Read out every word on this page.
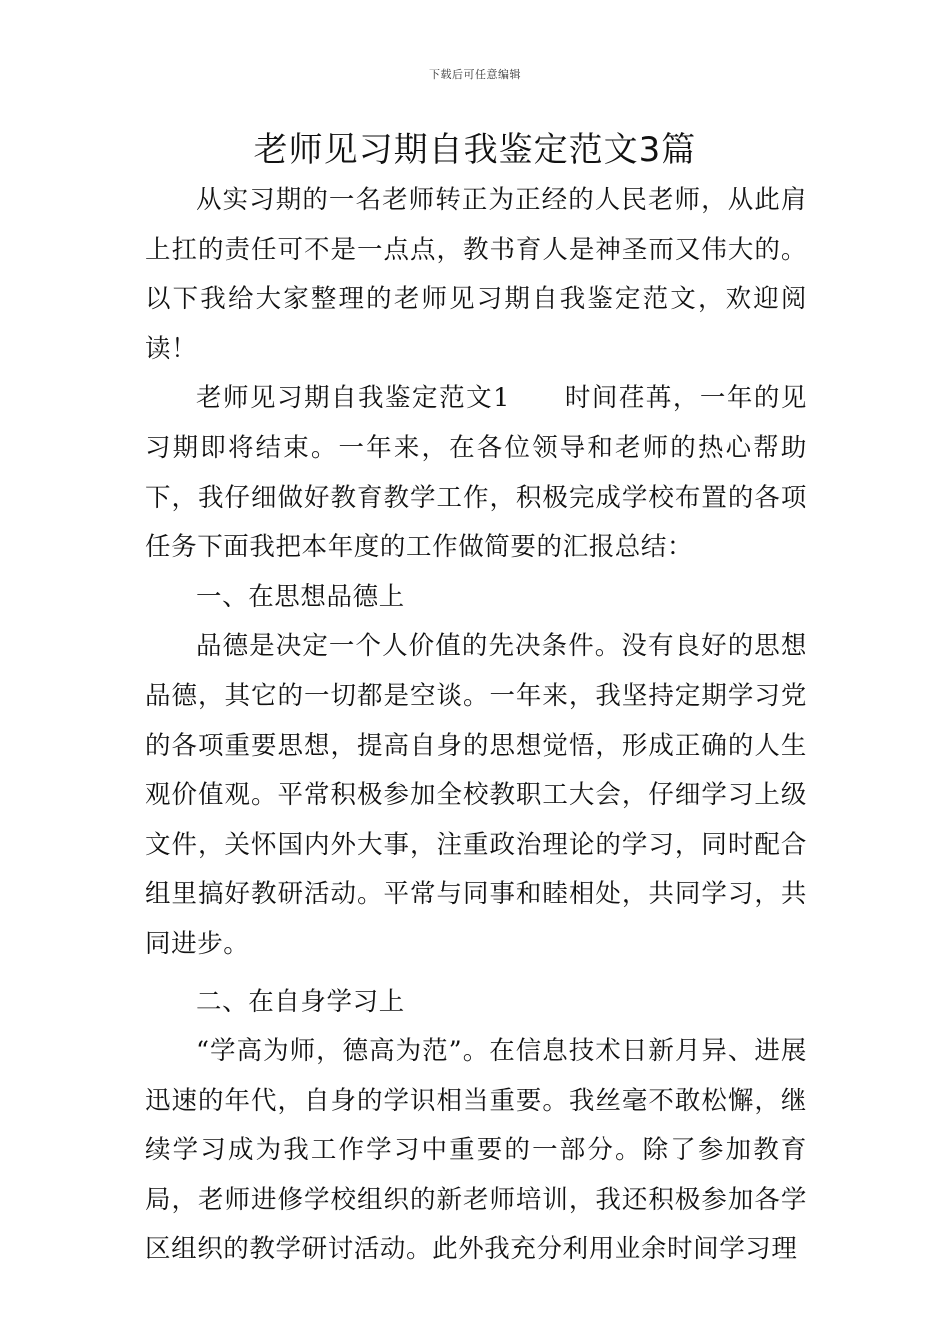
下载后可任意编辑
老师见习期自我鉴定范文3篇

从实习期的一名老师转正为正经的人民老师，从此肩上扛的责任可不是一点点，教书育人是神圣而又伟大的。以下我给大家整理的老师见习期自我鉴定范文，欢迎阅读！

老师见习期自我鉴定范文1　　时间荏苒，一年的见习期即将结束。一年来，在各位领导和老师的热心帮助下，我仔细做好教育教学工作，积极完成学校布置的各项任务下面我把本年度的工作做简要的汇报总结：

一、在思想品德上

品德是决定一个人价值的先决条件。没有良好的思想品德，其它的一切都是空谈。一年来，我坚持定期学习党的各项重要思想，提高自身的思想觉悟，形成正确的人生观价值观。平常积极参加全校教职工大会，仔细学习上级文件，关怀国内外大事，注重政治理论的学习，同时配合组里搞好教研活动。平常与同事和睦相处，共同学习，共同进步。

二、在自身学习上

“学高为师，德高为范”。在信息技术日新月异、进展迅速的年代，自身的学识相当重要。我丝毫不敢松懈，继续学习成为我工作学习中重要的一部分。除了参加教育局，老师进修学校组织的新老师培训，我还积极参加各学区组织的教学研讨活动。此外我充分利用业余时间学习理
